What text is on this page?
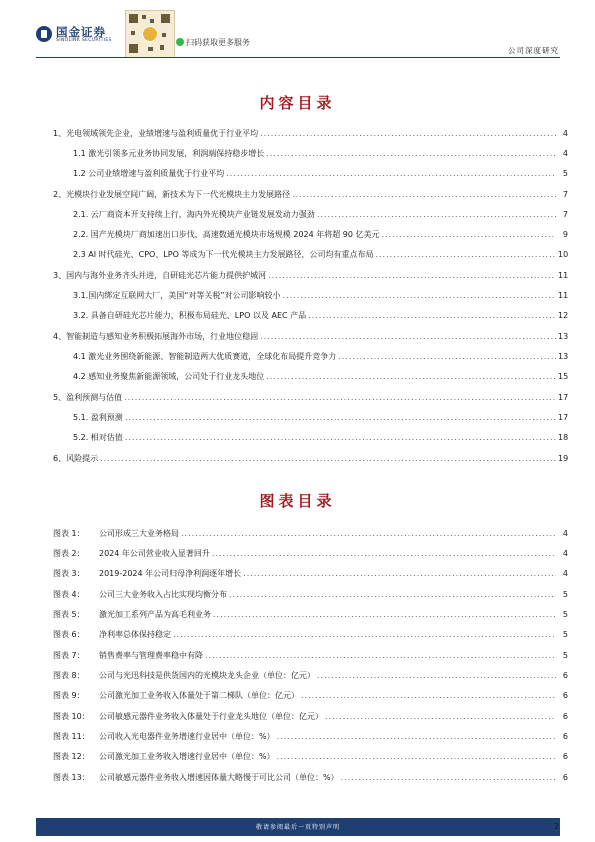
国金证券
SINOLINK SECURITIES	扫码获取更多服务
公司深度研究
内容目录
1、光电领域领先企业，业绩增速与盈利质量优于行业平均 .....	4
1.1 激光引领多元业务协同发展，利润端保持稳步增长 .....	4
1.2 公司业绩增速与盈利质量优于行业平均 .....	5
2、光模块行业发展空间广阔，新技术为下一代光模块主力发展路径 .....	7
2.1. 云厂商资本开支持续上行，海内外光模块产业链发展发动力强劲 .....	7
2.2. 国产光模块厂商加速出口步伐，高速数通光模块市场规模 2024 年将超 90 亿美元 .....	9
2.3 AI 时代硅光、CPO、LPO 等成为下一代光模块主力发展路径，公司均有重点布局 .....	10
3、国内与海外业务齐头并进，自研硅光芯片能力提供护城河 .....	11
3.1.国内绑定互联网大厂，美国“对等关税”对公司影响较小 .....	11
3.2. 具备自研硅光芯片能力，积极布局硅光、LPO 以及 AEC 产品 .....	12
4、智能制造与感知业务积极拓展海外市场，行业地位稳固 .....	13
4.1 激光业务围绕新能源、智能制造两大优质赛道，全球化布局提升竞争力 .....	13
4.2 感知业务聚焦新能源领域，公司处于行业龙头地位 .....	15
5、盈利预测与估值 .....	17
5.1. 盈利预测 .....	17
5.2. 相对估值 .....	18
6、风险提示 .....	19
图表目录
图表 1：	公司形成三大业务格局 .....	4
图表 2：	2024 年公司营业收入显著回升 .....	4
图表 3：	2019-2024 年公司归母净利润逐年增长 .....	4
图表 4：	公司三大业务收入占比实现均衡分布 .....	5
图表 5：	激光加工系列产品为高毛利业务 .....	5
图表 6：	净利率总体保持稳定 .....	5
图表 7：	销售费率与管理费率稳中有降 .....	5
图表 8：	公司与光迅科技是供货国内的光模块龙头企业（单位：亿元） .....	6
图表 9：	公司激光加工业务收入体量处于第二梯队（单位：亿元） .....	6
图表 10：	公司敏感元器件业务收入体量处于行业龙头地位（单位：亿元） .....	6
图表 11：	公司收入光电器件业务增速行业居中（单位：%） .....	6
图表 12：	公司激光加工业务收入增速行业居中（单位：%） .....	6
图表 13：	公司敏感元器件业务收入增速因体量大略慢于可比公司（单位：%） .....	6
敬请参阅最后一页特别声明	2
